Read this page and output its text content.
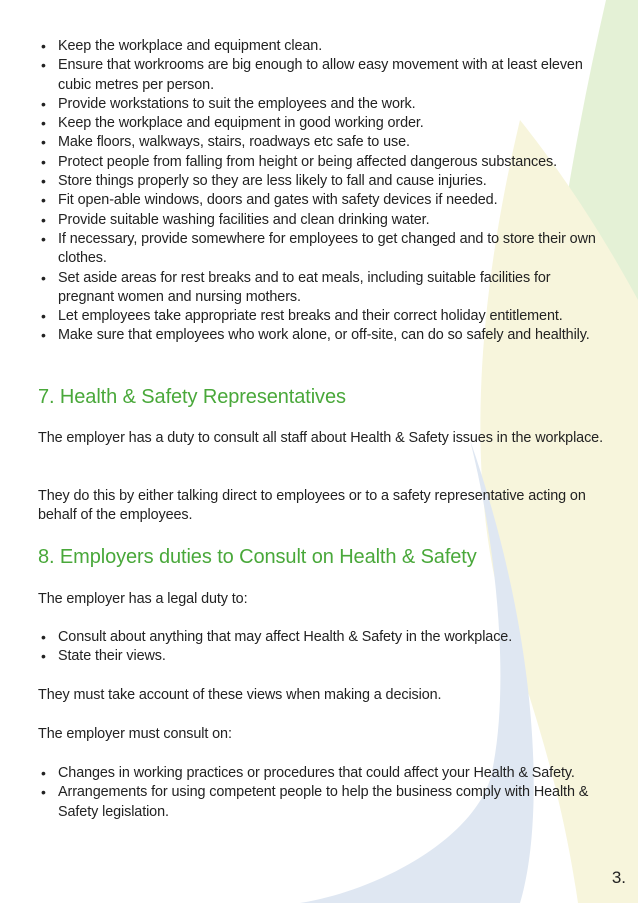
• Keep the workplace and equipment clean.
• Ensure that workrooms are big enough to allow easy movement with at least eleven cubic metres per person.
• Provide workstations to suit the employees and the work.
• Keep the workplace and equipment in good working order.
• Make floors, walkways, stairs, roadways etc safe to use.
• Protect people from falling from height or being affected dangerous substances.
• Store things properly so they are less likely to fall and cause injuries.
• Fit open-able windows, doors and gates with safety devices if needed.
• Provide suitable washing facilities and clean drinking water.
• If necessary, provide somewhere for employees to get changed and to store their own clothes.
• Set aside areas for rest breaks and to eat meals, including suitable facilities for pregnant women and nursing mothers.
• Let employees take appropriate rest breaks and their correct holiday entitlement.
• Make sure that employees who work alone, or off-site, can do so safely and healthily.
7. Health & Safety Representatives

The employer has a duty to consult all staff about Health & Safety issues in the workplace.

They do this by either talking direct to employees or to a safety representative acting on behalf of the employees.

8. Employers duties to Consult on Health & Safety

The employer has a legal duty to:

• Consult about anything that may affect Health & Safety in the workplace.
• State their views.

They must take account of these views when making a decision.

The employer must consult on:

• Changes in working practices or procedures that could affect your Health & Safety.
• Arrangements for using competent people to help the business comply with Health & Safety legislation.
3.
